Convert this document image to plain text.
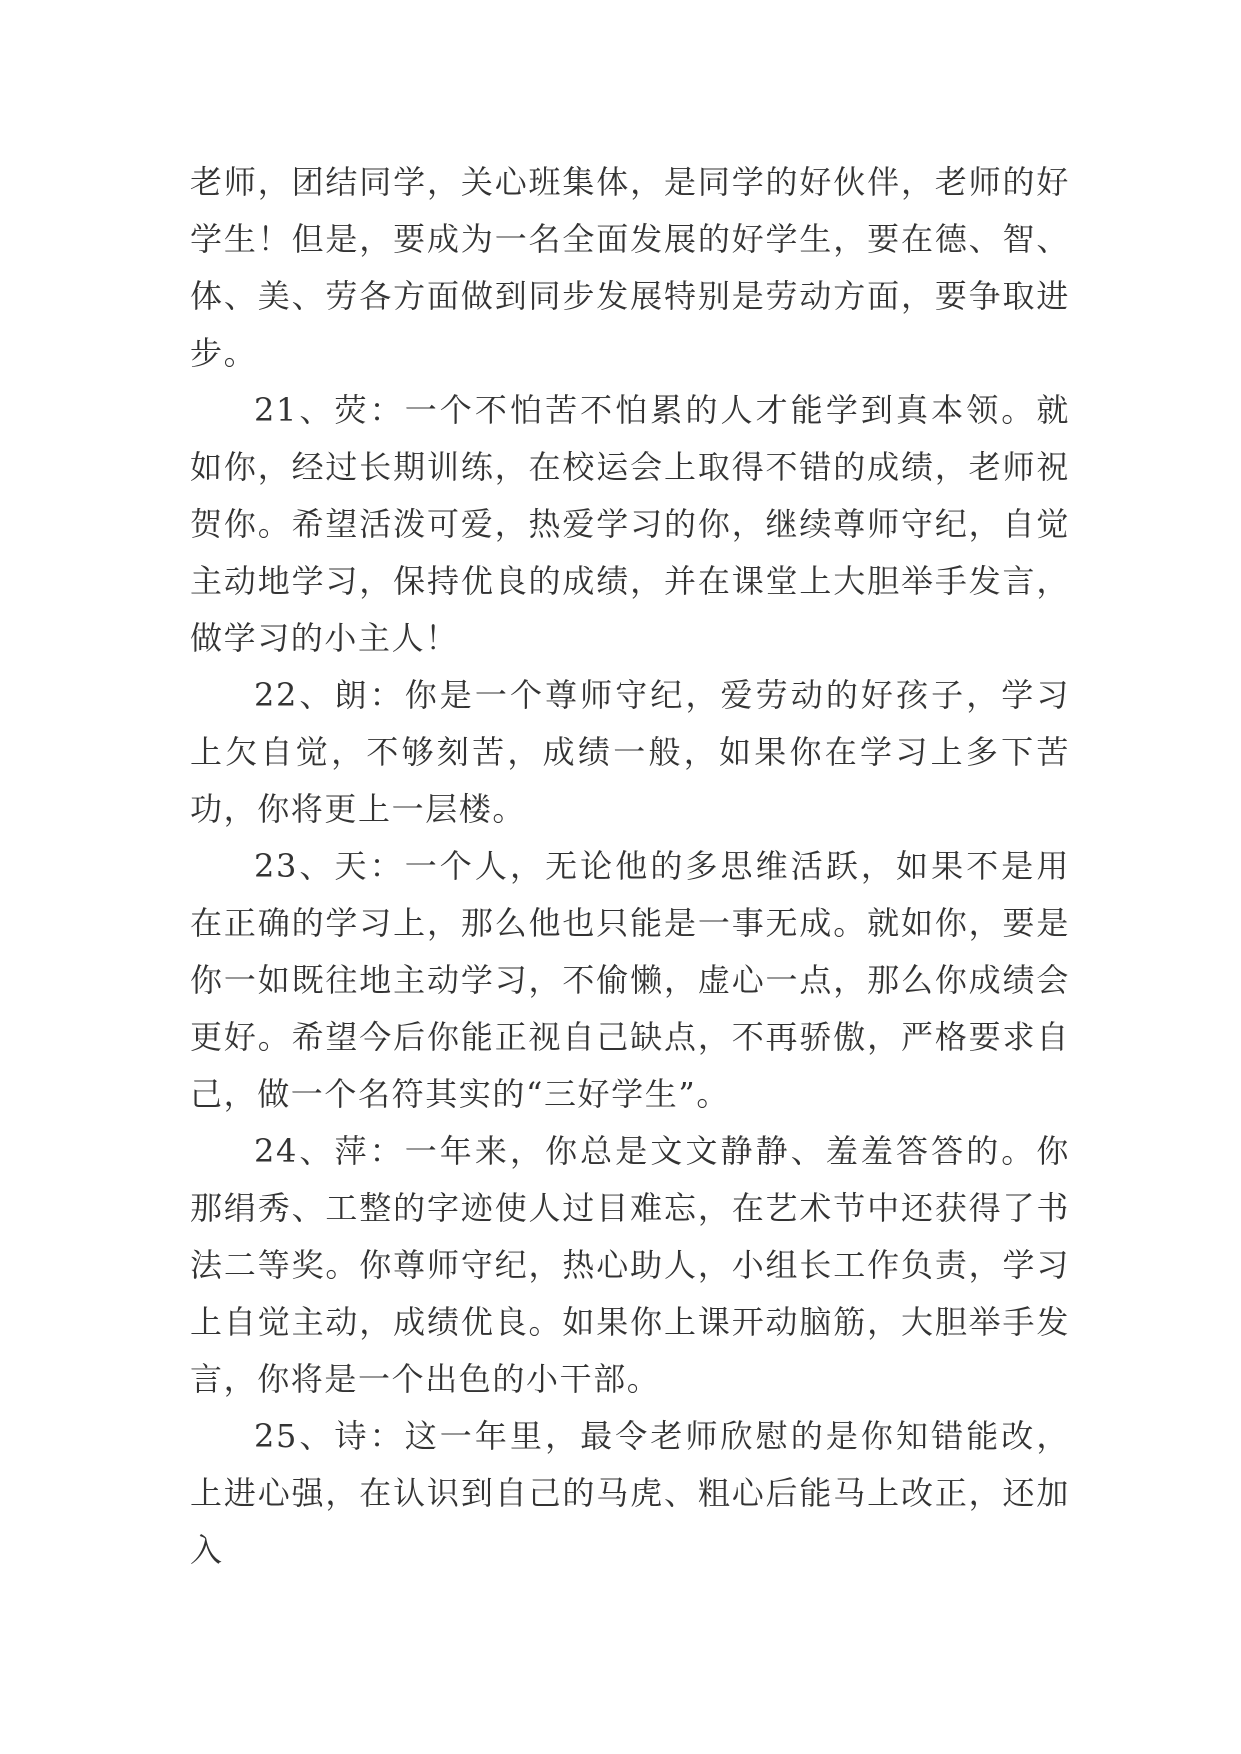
老师，团结同学，关心班集体，是同学的好伙伴，老师的好学生！但是，要成为一名全面发展的好学生，要在德、智、体、美、劳各方面做到同步发展特别是劳动方面，要争取进步。

21、荧：一个不怕苦不怕累的人才能学到真本领。就如你，经过长期训练，在校运会上取得不错的成绩，老师祝贺你。希望活泼可爱，热爱学习的你，继续尊师守纪，自觉主动地学习，保持优良的成绩，并在课堂上大胆举手发言，做学习的小主人！

22、朗：你是一个尊师守纪，爱劳动的好孩子，学习上欠自觉，不够刻苦，成绩一般，如果你在学习上多下苦功，你将更上一层楼。

23、天：一个人，无论他的多思维活跃，如果不是用在正确的学习上，那么他也只能是一事无成。就如你，要是你一如既往地主动学习，不偷懒，虚心一点，那么你成绩会更好。希望今后你能正视自己缺点，不再骄傲，严格要求自己，做一个名符其实的“三好学生”。

24、萍：一年来，你总是文文静静、羞羞答答的。你那绢秀、工整的字迹使人过目难忘，在艺术节中还获得了书法二等奖。你尊师守纪，热心助人，小组长工作负责，学习上自觉主动，成绩优良。如果你上课开动脑筋，大胆举手发言，你将是一个出色的小干部。

25、诗：这一年里，最令老师欣慰的是你知错能改，上进心强，在认识到自己的马虎、粗心后能马上改正，还加入
